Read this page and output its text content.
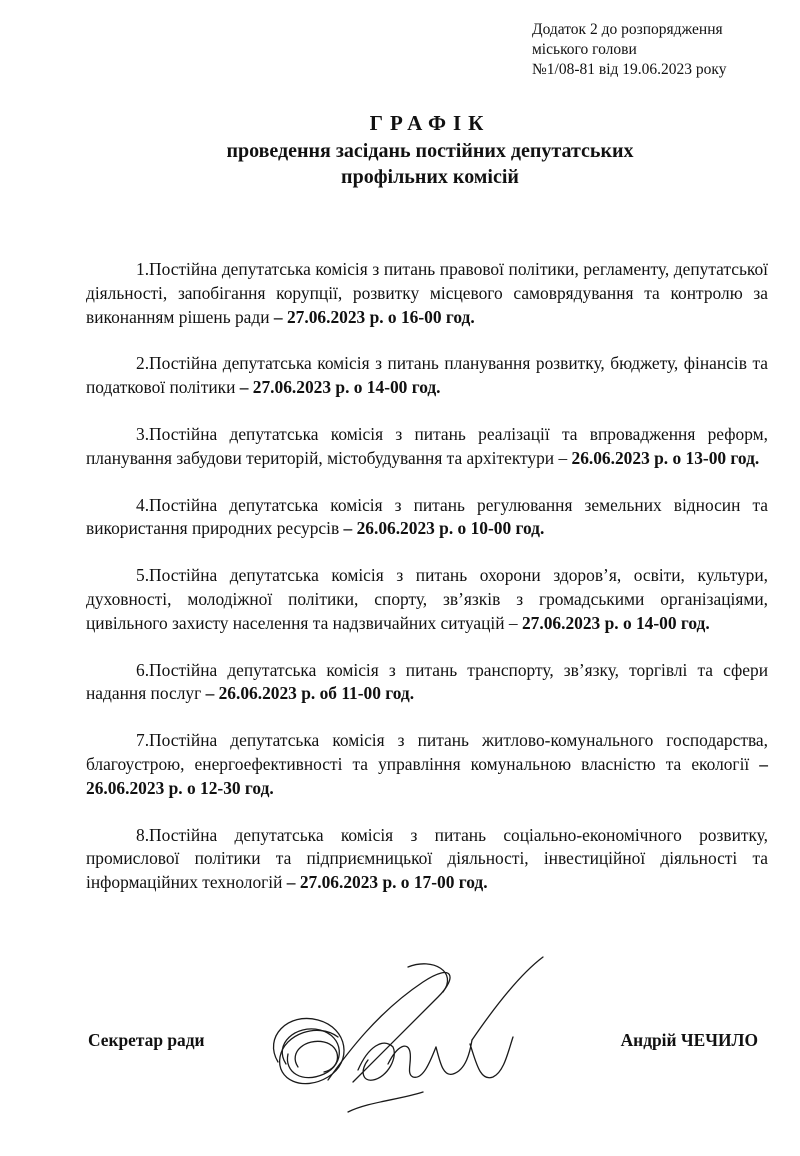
Додаток 2 до розпорядження
міського голови
№1/08-81 від 19.06.2023 року
ГРАФІК
проведення засідань постійних депутатських
профільних комісій

1.Постійна депутатська комісія з питань правової політики, регламенту, депутатської діяльності, запобігання корупції, розвитку місцевого самоврядування та контролю за виконанням рішень ради – 27.06.2023 р. о 16-00 год.

2.Постійна депутатська комісія з питань планування розвитку, бюджету, фінансів та податкової політики – 27.06.2023 р. о 14-00 год.

3.Постійна депутатська комісія з питань реалізації та впровадження реформ, планування забудови територій, містобудування та архітектури – 26.06.2023 р. о 13-00 год.

4.Постійна депутатська комісія з питань регулювання земельних відносин та використання природних ресурсів – 26.06.2023 р. о 10-00 год.

5.Постійна депутатська комісія з питань охорони здоров’я, освіти, культури, духовності, молодіжної політики, спорту, зв’язків з громадськими організаціями, цивільного захисту населення та надзвичайних ситуацій – 27.06.2023 р. о 14-00 год.

6.Постійна депутатська комісія з питань транспорту, зв’язку, торгівлі та сфери надання послуг – 26.06.2023 р. об 11-00 год.

7.Постійна депутатська комісія з питань житлово-комунального господарства, благоустрою, енергоефективності та управління комунальною власністю та екології – 26.06.2023 р. о 12-30 год.

8.Постійна депутатська комісія з питань соціально-економічного розвитку, промислової політики та підприємницької діяльності, інвестиційної діяльності та інформаційних технологій – 27.06.2023 р. о 17-00 год.

Секретар ради	Андрій ЧЕЧИЛО
